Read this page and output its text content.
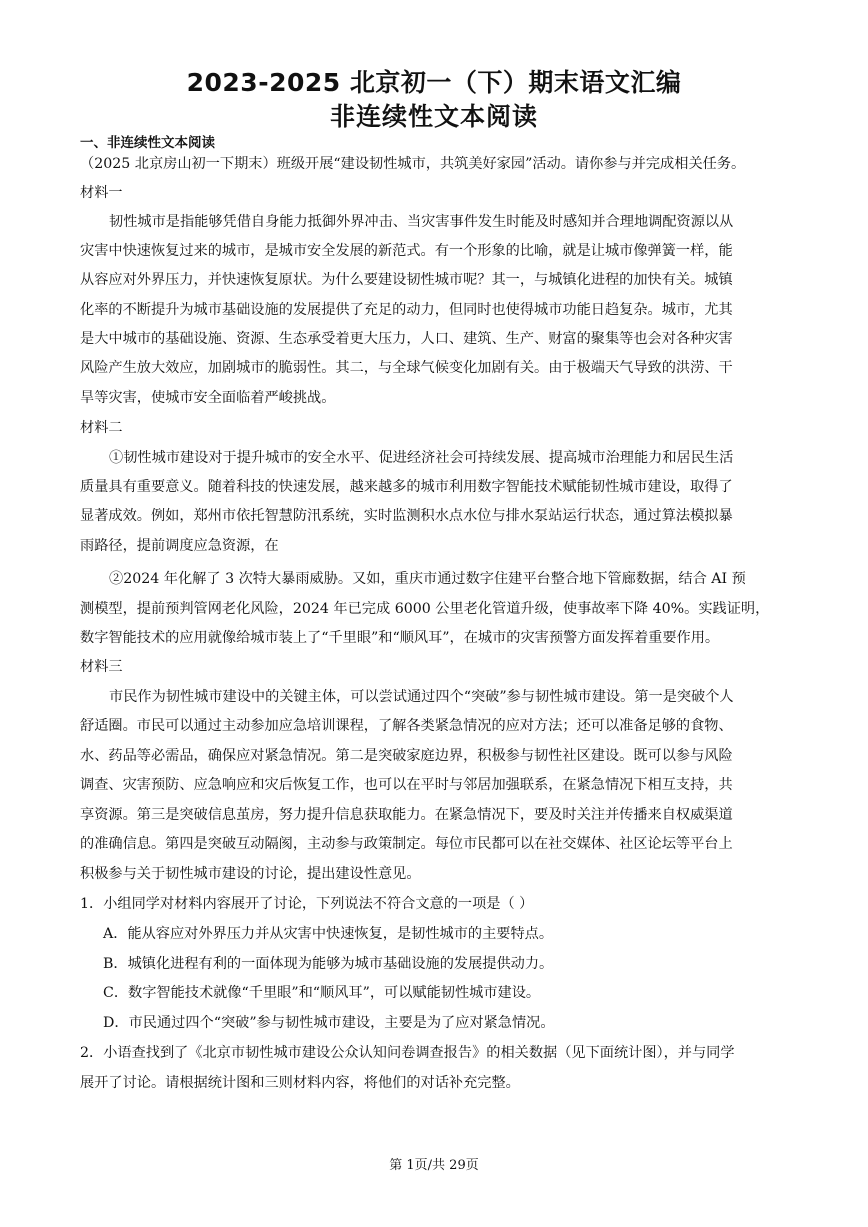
2023-2025 北京初一（下）期末语文汇编
非连续性文本阅读
一、非连续性文本阅读
（2025 北京房山初一下期末）班级开展“建设韧性城市，共筑美好家园”活动。请你参与并完成相关任务。
材料一
韧性城市是指能够凭借自身能力抵御外界冲击、当灾害事件发生时能及时感知并合理地调配资源以从
灾害中快速恢复过来的城市，是城市安全发展的新范式。有一个形象的比喻，就是让城市像弹簧一样，能
从容应对外界压力，并快速恢复原状。为什么要建设韧性城市呢？其一，与城镇化进程的加快有关。城镇
化率的不断提升为城市基础设施的发展提供了充足的动力，但同时也使得城市功能日趋复杂。城市，尤其
是大中城市的基础设施、资源、生态承受着更大压力，人口、建筑、生产、财富的聚集等也会对各种灾害
风险产生放大效应，加剧城市的脆弱性。其二，与全球气候变化加剧有关。由于极端天气导致的洪涝、干
旱等灾害，使城市安全面临着严峻挑战。
材料二
①韧性城市建设对于提升城市的安全水平、促进经济社会可持续发展、提高城市治理能力和居民生活
质量具有重要意义。随着科技的快速发展，越来越多的城市利用数字智能技术赋能韧性城市建设，取得了
显著成效。例如，郑州市依托智慧防汛系统，实时监测积水点水位与排水泵站运行状态，通过算法模拟暴
雨路径，提前调度应急资源，在
②2024 年化解了 3 次特大暴雨威胁。又如，重庆市通过数字住建平台整合地下管廊数据，结合 AI 预
测模型，提前预判管网老化风险，2024 年已完成 6000 公里老化管道升级，使事故率下降 40%。实践证明，
数字智能技术的应用就像给城市装上了“千里眼”和“顺风耳”，在城市的灾害预警方面发挥着重要作用。
材料三
市民作为韧性城市建设中的关键主体，可以尝试通过四个“突破”参与韧性城市建设。第一是突破个人
舒适圈。市民可以通过主动参加应急培训课程，了解各类紧急情况的应对方法；还可以准备足够的食物、
水、药品等必需品，确保应对紧急情况。第二是突破家庭边界，积极参与韧性社区建设。既可以参与风险
调查、灾害预防、应急响应和灾后恢复工作，也可以在平时与邻居加强联系，在紧急情况下相互支持，共
享资源。第三是突破信息茧房，努力提升信息获取能力。在紧急情况下，要及时关注并传播来自权威渠道
的准确信息。第四是突破互动隔阂，主动参与政策制定。每位市民都可以在社交媒体、社区论坛等平台上
积极参与关于韧性城市建设的讨论，提出建设性意见。
1．小组同学对材料内容展开了讨论，下列说法不符合文意的一项是（ ）
A．能从容应对外界压力并从灾害中快速恢复，是韧性城市的主要特点。
B．城镇化进程有利的一面体现为能够为城市基础设施的发展提供动力。
C．数字智能技术就像“千里眼”和“顺风耳”，可以赋能韧性城市建设。
D．市民通过四个“突破”参与韧性城市建设，主要是为了应对紧急情况。
2．小语查找到了《北京市韧性城市建设公众认知问卷调查报告》的相关数据（见下面统计图），并与同学
展开了讨论。请根据统计图和三则材料内容，将他们的对话补充完整。
第 1页/共 29页
